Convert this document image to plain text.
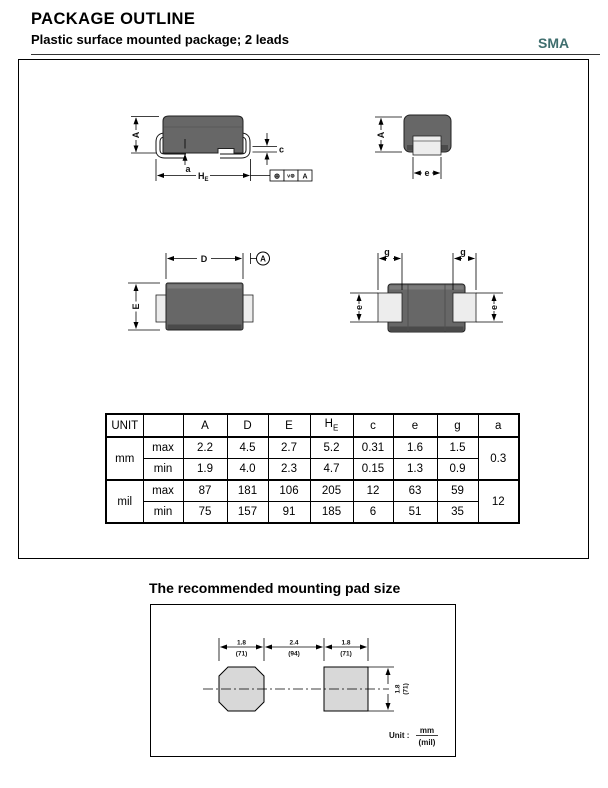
PACKAGE OUTLINE
Plastic surface mounted package; 2 leads	SMA
A
a
$H_E$	⊕ v⊚ A
c
A
e
D	A
E
g	g
e	e
UNIT		A	D	E	$H_E$	c	e	g	a
mm	max	2.2	4.5	2.7	5.2	0.31	1.6	1.5	0.3
	min	1.9	4.0	2.3	4.7	0.15	1.3	0.9	
mil	max	87	181	106	205	12	63	59	12
	min	75	157	91	185	6	51	35	
The recommended mounting pad size
1.8
(71)
2.4
(94)
1.8
(71)
1.8 (71)
Unit :
mm
(mil)
